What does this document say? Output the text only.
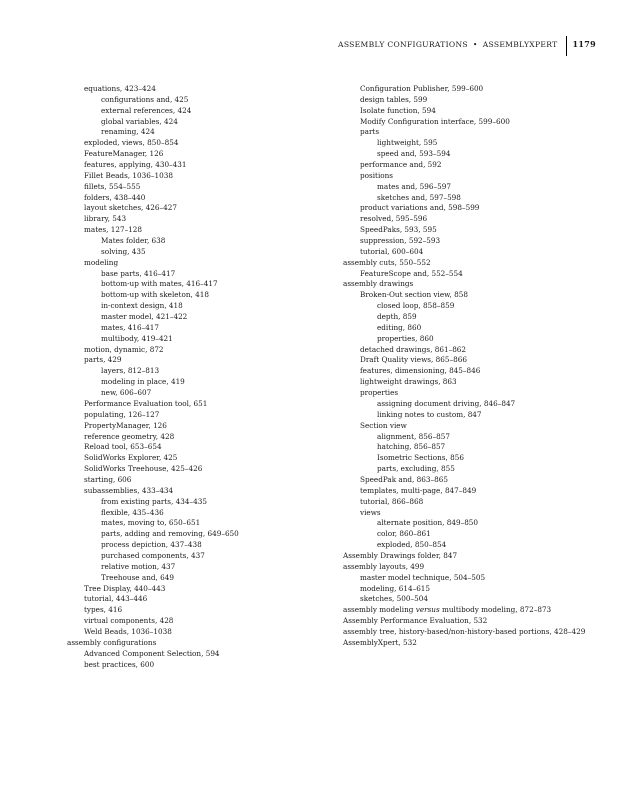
ASSEMBLY CONFIGURATIONS • ASSEMBLYXPERT 1179
equations, 423–424
configurations and, 425
external references, 424
global variables, 424
renaming, 424
exploded, views, 850–854
FeatureManager, 126
features, applying, 430–431
Fillet Beads, 1036–1038
fillets, 554–555
folders, 438–440
layout sketches, 426–427
library, 543
mates, 127–128
Mates folder, 638
solving, 435
modeling
base parts, 416–417
bottom-up with mates, 416–417
bottom-up with skeleton, 418
in-context design, 418
master model, 421–422
mates, 416–417
multibody, 419–421
motion, dynamic, 872
parts, 429
layers, 812–813
modeling in place, 419
new, 606–607
Performance Evaluation tool, 651
populating, 126–127
PropertyManager, 126
reference geometry, 428
Reload tool, 653–654
SolidWorks Explorer, 425
SolidWorks Treehouse, 425–426
starting, 606
subassemblies, 433–434
from existing parts, 434–435
flexible, 435–436
mates, moving to, 650–651
parts, adding and removing, 649–650
process depiction, 437–438
purchased components, 437
relative motion, 437
Treehouse and, 649
Tree Display, 440–443
tutorial, 443–446
types, 416
virtual components, 428
Weld Beads, 1036–1038
assembly configurations
Advanced Component Selection, 594
best practices, 600
Configuration Publisher, 599–600
design tables, 599
Isolate function, 594
Modify Configuration interface, 599–600
parts
lightweight, 595
speed and, 593–594
performance and, 592
positions
mates and, 596–597
sketches and, 597–598
product variations and, 598–599
resolved, 595–596
SpeedPaks, 593, 595
suppression, 592–593
tutorial, 600–604
assembly cuts, 550–552
FeatureScope and, 552–554
assembly drawings
Broken-Out section view, 858
closed loop, 858–859
depth, 859
editing, 860
properties, 860
detached drawings, 861–862
Draft Quality views, 865–866
features, dimensioning, 845–846
lightweight drawings, 863
properties
assigning document driving, 846–847
linking notes to custom, 847
Section view
alignment, 856–857
hatching, 856–857
Isometric Sections, 856
parts, excluding, 855
SpeedPak and, 863–865
templates, multi-page, 847–849
tutorial, 866–868
views
alternate position, 849–850
color, 860–861
exploded, 850–854
Assembly Drawings folder, 847
assembly layouts, 499
master model technique, 504–505
modeling, 614–615
sketches, 500–504
assembly modeling versus multibody modeling, 872–873
Assembly Performance Evaluation, 532
assembly tree, history-based/non-history-based portions, 428–429
AssemblyXpert, 532
